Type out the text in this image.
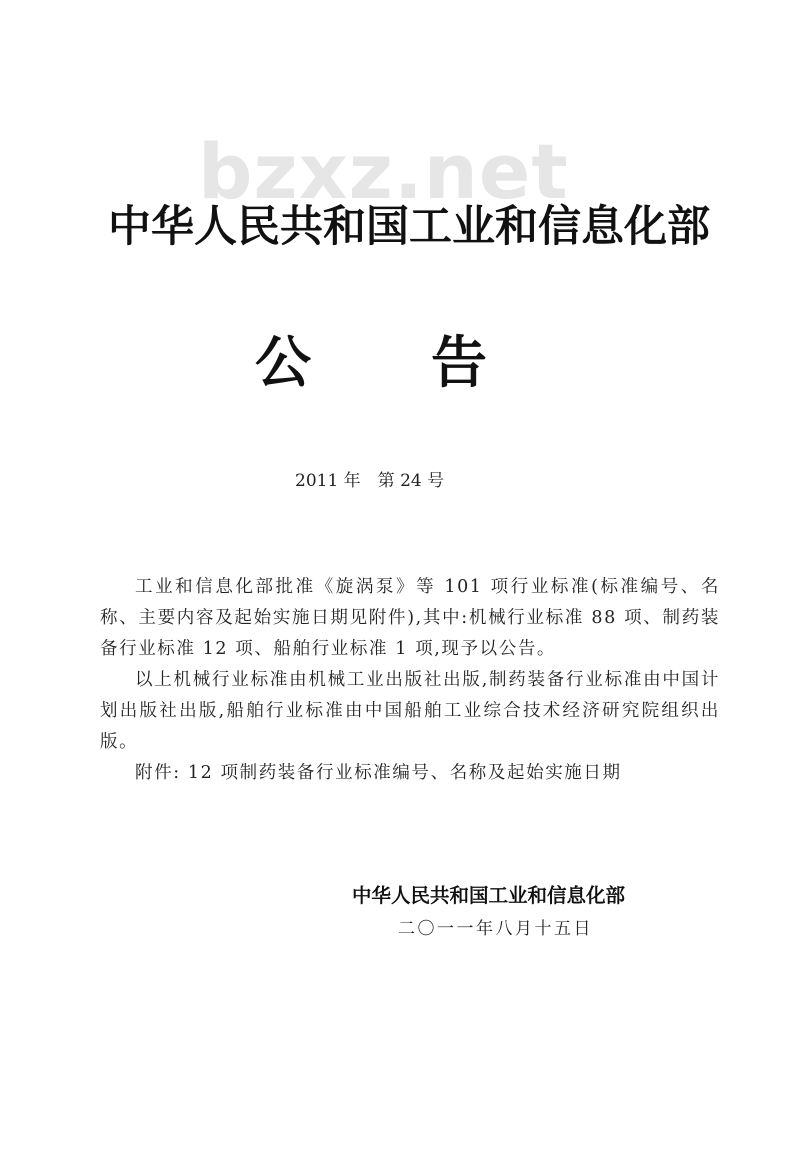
bzxz.net
中华人民共和国工业和信息化部
公 告
2011 年　第 24 号

工业和信息化部批准《旋涡泵》等 101 项行业标准(标准编号、名称、主要内容及起始实施日期见附件),其中:机械行业标准 88 项、制药装备行业标准 12 项、船舶行业标准 1 项,现予以公告。

以上机械行业标准由机械工业出版社出版,制药装备行业标准由中国计划出版社出版,船舶行业标准由中国船舶工业综合技术经济研究院组织出版。

附件: 12 项制药装备行业标准编号、名称及起始实施日期

中华人民共和国工业和信息化部
二〇一一年八月十五日
